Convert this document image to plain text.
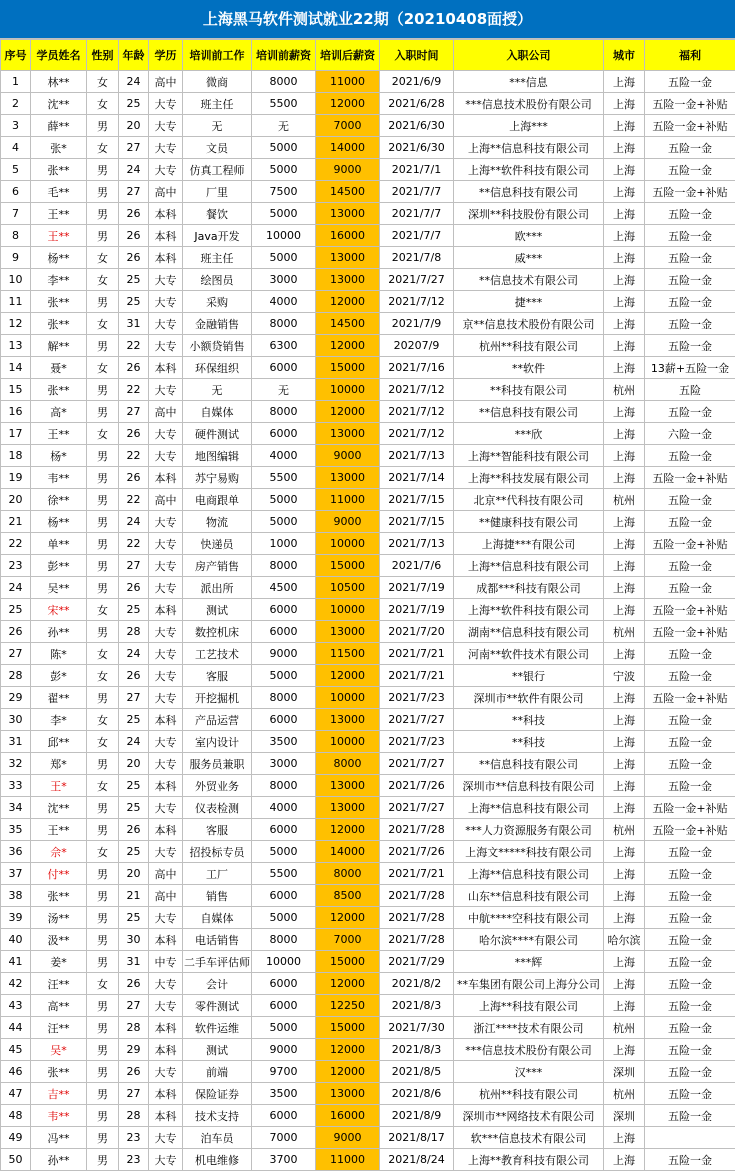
上海黑马软件测试就业22期（20210408面授）
序号	学员姓名	性别	年龄	学历	培训前工作	培训前薪资	培训后薪资	入职时间	入职公司	城市	福利
1	林**	女	24	高中	微商	8000	11000	2021/6/9	***信息	上海	五险一金
2	沈**	女	25	大专	班主任	5500	12000	2021/6/28	***信息技术股份有限公司	上海	五险一金+补贴
3	薛**	男	20	大专	无	无	7000	2021/6/30	上海***	上海	五险一金+补贴
4	张*	女	27	大专	文员	5000	14000	2021/6/30	上海**信息科技有限公司	上海	五险一金
5	张**	男	24	大专	仿真工程师	5000	9000	2021/7/1	上海**软件科技有限公司	上海	五险一金
6	毛**	男	27	高中	厂里	7500	14500	2021/7/7	**信息科技有限公司	上海	五险一金+补贴
7	王**	男	26	本科	餐饮	5000	13000	2021/7/7	深圳**科技股份有限公司	上海	五险一金
8	王**	男	26	本科	Java开发	10000	16000	2021/7/7	欧***	上海	五险一金
9	杨**	女	26	本科	班主任	5000	13000	2021/7/8	威***	上海	五险一金
10	李**	女	25	大专	绘图员	3000	13000	2021/7/27	**信息技术有限公司	上海	五险一金
11	张**	男	25	大专	采购	4000	12000	2021/7/12	捷***	上海	五险一金
12	张**	女	31	大专	金融销售	8000	14500	2021/7/9	京**信息技术股份有限公司	上海	五险一金
13	解**	男	22	大专	小额贷销售	6300	12000	20207/9	杭州**科技有限公司	上海	五险一金
14	聂*	女	26	本科	环保组织	6000	15000	2021/7/16	**软件	上海	13薪+五险一金
15	张**	男	22	大专	无	无	10000	2021/7/12	**科技有限公司	杭州	五险
16	高*	男	27	高中	自媒体	8000	12000	2021/7/12	**信息科技有限公司	上海	五险一金
17	王**	女	26	大专	硬件测试	6000	13000	2021/7/12	***欣	上海	六险一金
18	杨*	男	22	大专	地图编辑	4000	9000	2021/7/13	上海**智能科技有限公司	上海	五险一金
19	韦**	男	26	本科	苏宁易购	5500	13000	2021/7/14	上海**科技发展有限公司	上海	五险一金+补贴
20	徐**	男	22	高中	电商跟单	5000	11000	2021/7/15	北京**代科技有限公司	杭州	五险一金
21	杨**	男	24	大专	物流	5000	9000	2021/7/15	**健康科技有限公司	上海	五险一金
22	单**	男	22	大专	快递员	1000	10000	2021/7/13	上海捷***有限公司	上海	五险一金+补贴
23	彭**	男	27	大专	房产销售	8000	15000	2021/7/6	上海**信息科技有限公司	上海	五险一金
24	吴**	男	26	大专	派出所	4500	10500	2021/7/19	成都***科技有限公司	上海	五险一金
25	宋**	女	25	本科	测试	6000	10000	2021/7/19	上海**软件科技有限公司	上海	五险一金+补贴
26	孙**	男	28	大专	数控机床	6000	13000	2021/7/20	湖南**信息科技有限公司	杭州	五险一金+补贴
27	陈*	女	24	大专	工艺技术	9000	11500	2021/7/21	河南**软件技术有限公司	上海	五险一金
28	彭*	女	26	大专	客服	5000	12000	2021/7/21	**银行	宁波	五险一金
29	翟**	男	27	大专	开挖掘机	8000	10000	2021/7/23	深圳市**软件有限公司	上海	五险一金+补贴
30	李*	女	25	本科	产品运营	6000	13000	2021/7/27	**科技	上海	五险一金
31	邱**	女	24	大专	室内设计	3500	10000	2021/7/23	**科技	上海	五险一金
32	郑*	男	20	大专	服务员兼职	3000	8000	2021/7/27	**信息科技有限公司	上海	五险一金
33	王*	女	25	本科	外贸业务	8000	13000	2021/7/26	深圳市**信息科技有限公司	上海	五险一金
34	沈**	男	25	大专	仪表检测	4000	13000	2021/7/27	上海**信息科技有限公司	上海	五险一金+补贴
35	王**	男	26	本科	客服	6000	12000	2021/7/28	***人力资源服务有限公司	杭州	五险一金+补贴
36	佘*	女	25	大专	招投标专员	5000	14000	2021/7/26	上海文*****科技有限公司	上海	五险一金
37	付**	男	20	高中	工厂	5500	8000	2021/7/21	上海**信息科技有限公司	上海	五险一金
38	张**	男	21	高中	销售	6000	8500	2021/7/28	山东**信息科技有限公司	上海	五险一金
39	汤**	男	25	大专	自媒体	5000	12000	2021/7/28	中航****空科技有限公司	上海	五险一金
40	汲**	男	30	本科	电话销售	8000	7000	2021/7/28	哈尔滨****有限公司	哈尔滨	五险一金
41	姜*	男	31	中专	二手车评估师	10000	15000	2021/7/29	***辉	上海	五险一金
42	汪**	女	26	大专	会计	6000	12000	2021/8/2	**车集团有限公司上海分公司	上海	五险一金
43	高**	男	27	大专	零件测试	6000	12250	2021/8/3	上海**科技有限公司	上海	五险一金
44	汪**	男	28	本科	软件运维	5000	15000	2021/7/30	浙江****技术有限公司	杭州	五险一金
45	吴*	男	29	本科	测试	9000	12000	2021/8/3	***信息技术股份有限公司	上海	五险一金
46	张**	男	26	大专	前端	9700	12000	2021/8/5	汉***	深圳	五险一金
47	吉**	男	27	本科	保险证券	3500	13000	2021/8/6	杭州**科技有限公司	杭州	五险一金
48	韦**	男	28	本科	技术支持	6000	16000	2021/8/9	深圳市**网络技术有限公司	深圳	五险一金
49	冯**	男	23	大专	泊车员	7000	9000	2021/8/17	软***信息技术有限公司	上海	
50	孙**	男	23	大专	机电维修	3700	11000	2021/8/24	上海**教育科技有限公司	上海	五险一金
